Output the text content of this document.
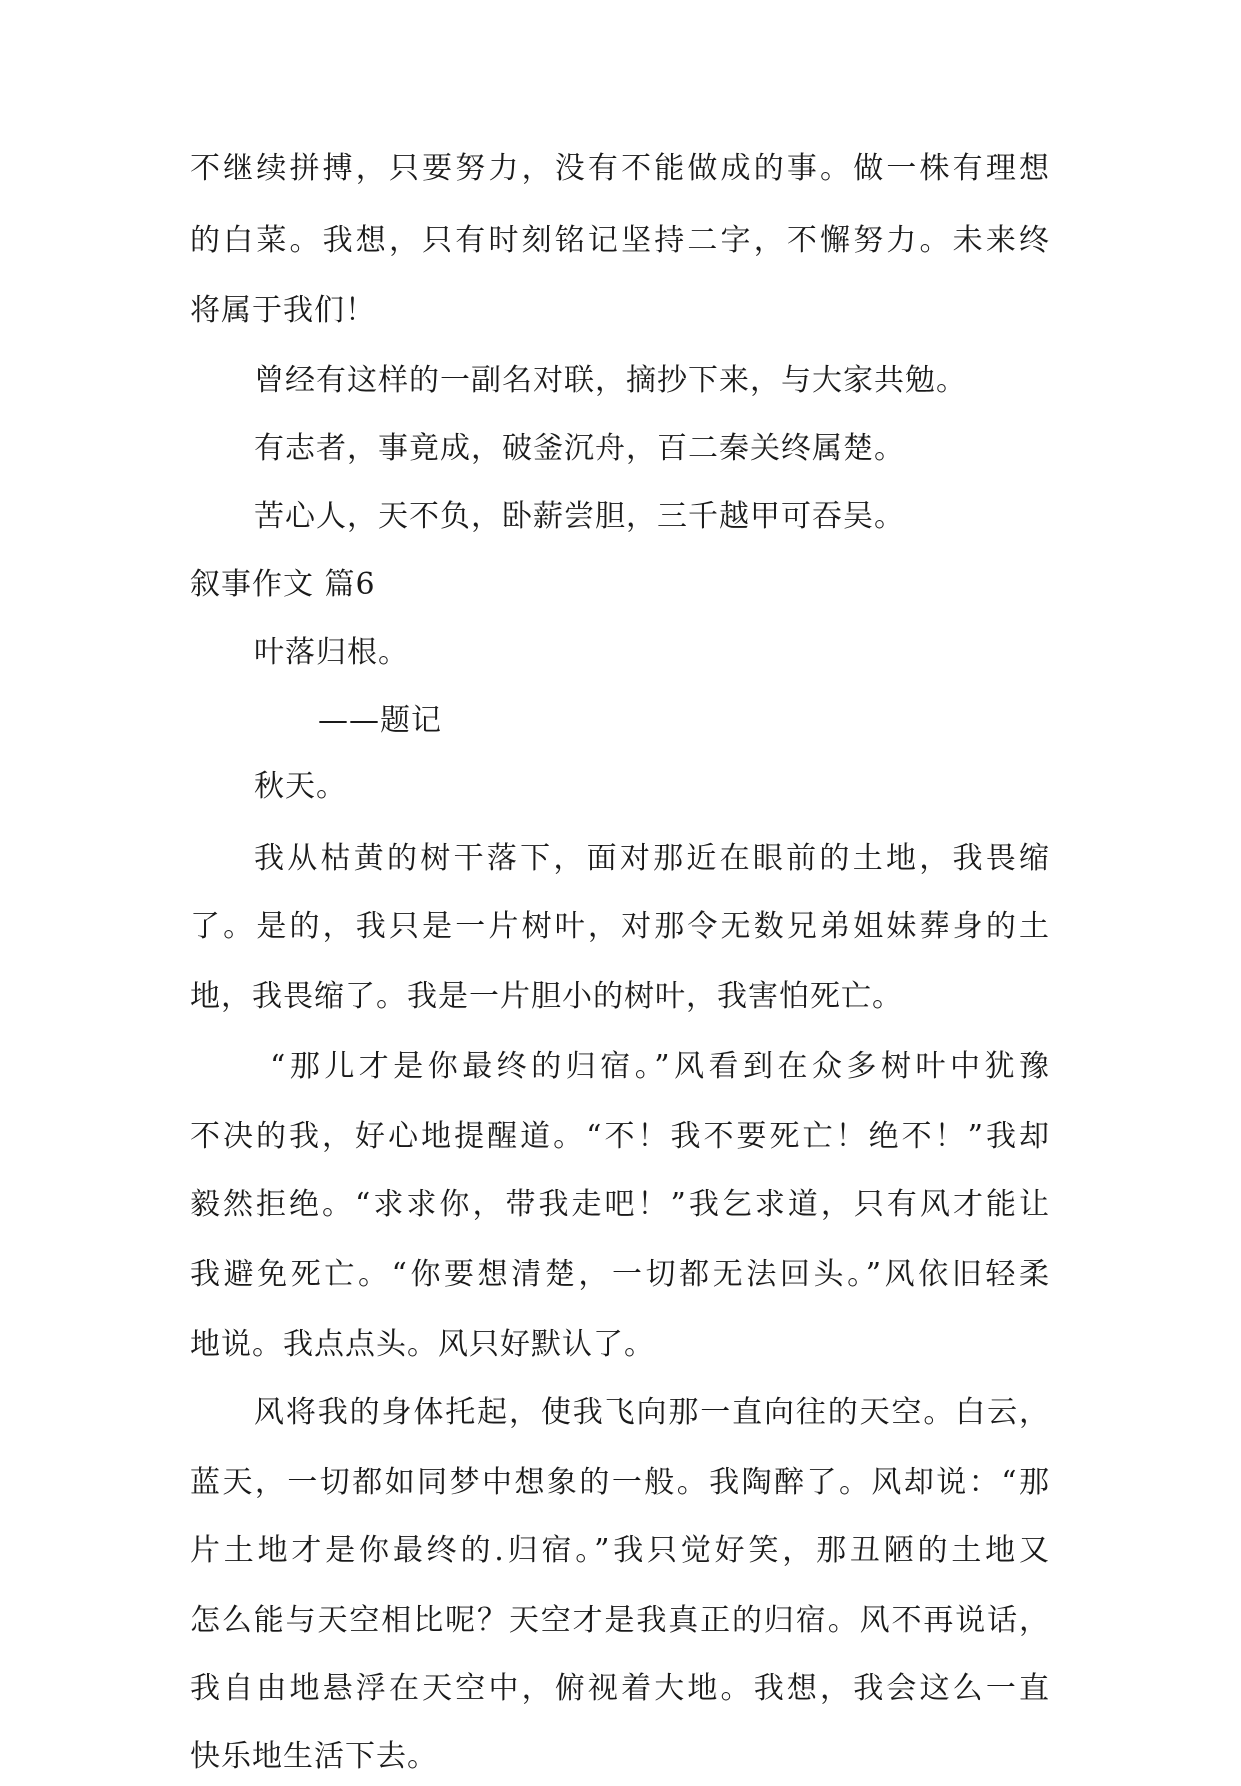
不继续拼搏，只要努力，没有不能做成的事。做一株有理想
的白菜。我想，只有时刻铭记坚持二字，不懈努力。未来终
将属于我们！
曾经有这样的一副名对联，摘抄下来，与大家共勉。
有志者，事竟成，破釜沉舟，百二秦关终属楚。
苦心人，天不负，卧薪尝胆，三千越甲可吞吴。
叙事作文 篇6
叶落归根。
——题记
秋天。
我从枯黄的树干落下，面对那近在眼前的土地，我畏缩
了。是的，我只是一片树叶，对那令无数兄弟姐妹葬身的土
地，我畏缩了。我是一片胆小的树叶，我害怕死亡。
“那儿才是你最终的归宿。”风看到在众多树叶中犹豫
不决的我，好心地提醒道。“不！我不要死亡！绝不！”我却
毅然拒绝。“求求你，带我走吧！”我乞求道，只有风才能让
我避免死亡。“你要想清楚，一切都无法回头。”风依旧轻柔
地说。我点点头。风只好默认了。
风将我的身体托起，使我飞向那一直向往的天空。白云，
蓝天，一切都如同梦中想象的一般。我陶醉了。风却说：“那
片土地才是你最终的.归宿。”我只觉好笑，那丑陋的土地又
怎么能与天空相比呢？天空才是我真正的归宿。风不再说话，
我自由地悬浮在天空中，俯视着大地。我想，我会这么一直
快乐地生活下去。
